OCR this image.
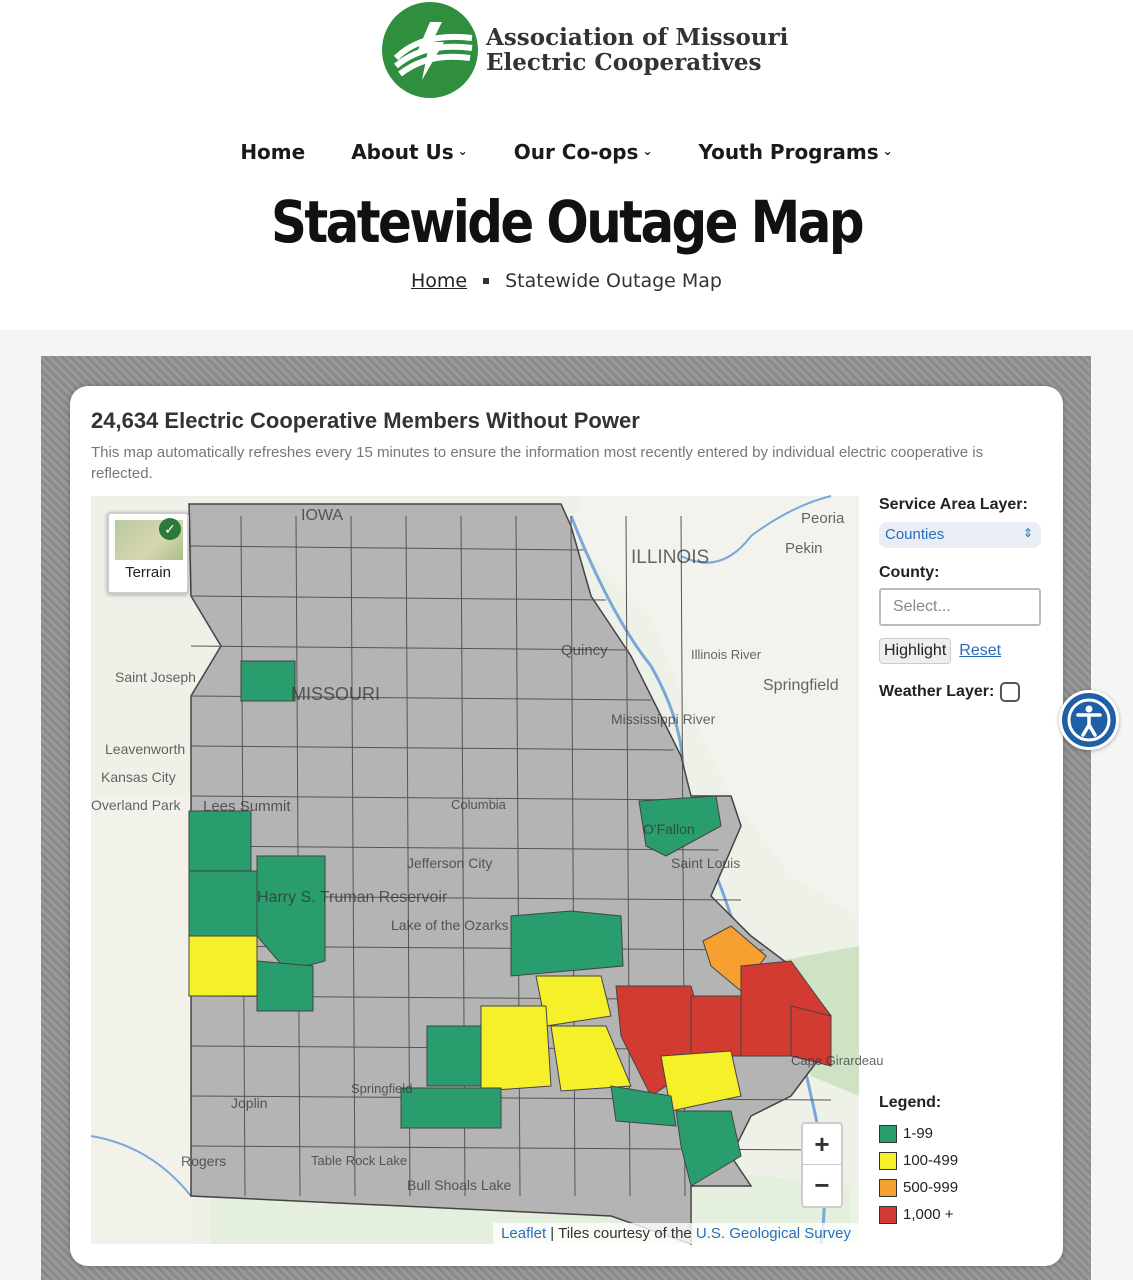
Association of Missouri
Electric Cooperatives
Home About Us ⌄ Our Co-ops ⌄ Youth Programs ⌄
Statewide Outage Map
Home Statewide Outage Map
24,634 Electric Cooperative Members Without Power
This map automatically refreshes every 15 minutes to ensure the information most recently entered by individual electric cooperative is reflected.
IOWA
ILLINOIS
Peoria
Pekin
Quincy
Springfield
Saint Joseph
MISSOURI
Leavenworth
Kansas City
Overland Park Lees Summit	Columbia
Jefferson City
O'Fallon
Saint Louis
Cape Girardeau
Joplin
Springfield
Rogers
Harry S. Truman Reservoir
Lake of the Ozarks
Table Rock Lake
Bull Shoals Lake
Mississippi River
Illinois River
✓
Terrain
+
−
Leaflet | Tiles courtesy of the U.S. Geological Survey
Service Area Layer:
Counties	⇕
County:
Select...
Highlight Reset
Weather Layer:
Legend:
1-99
100-499
500-999
1,000 +
